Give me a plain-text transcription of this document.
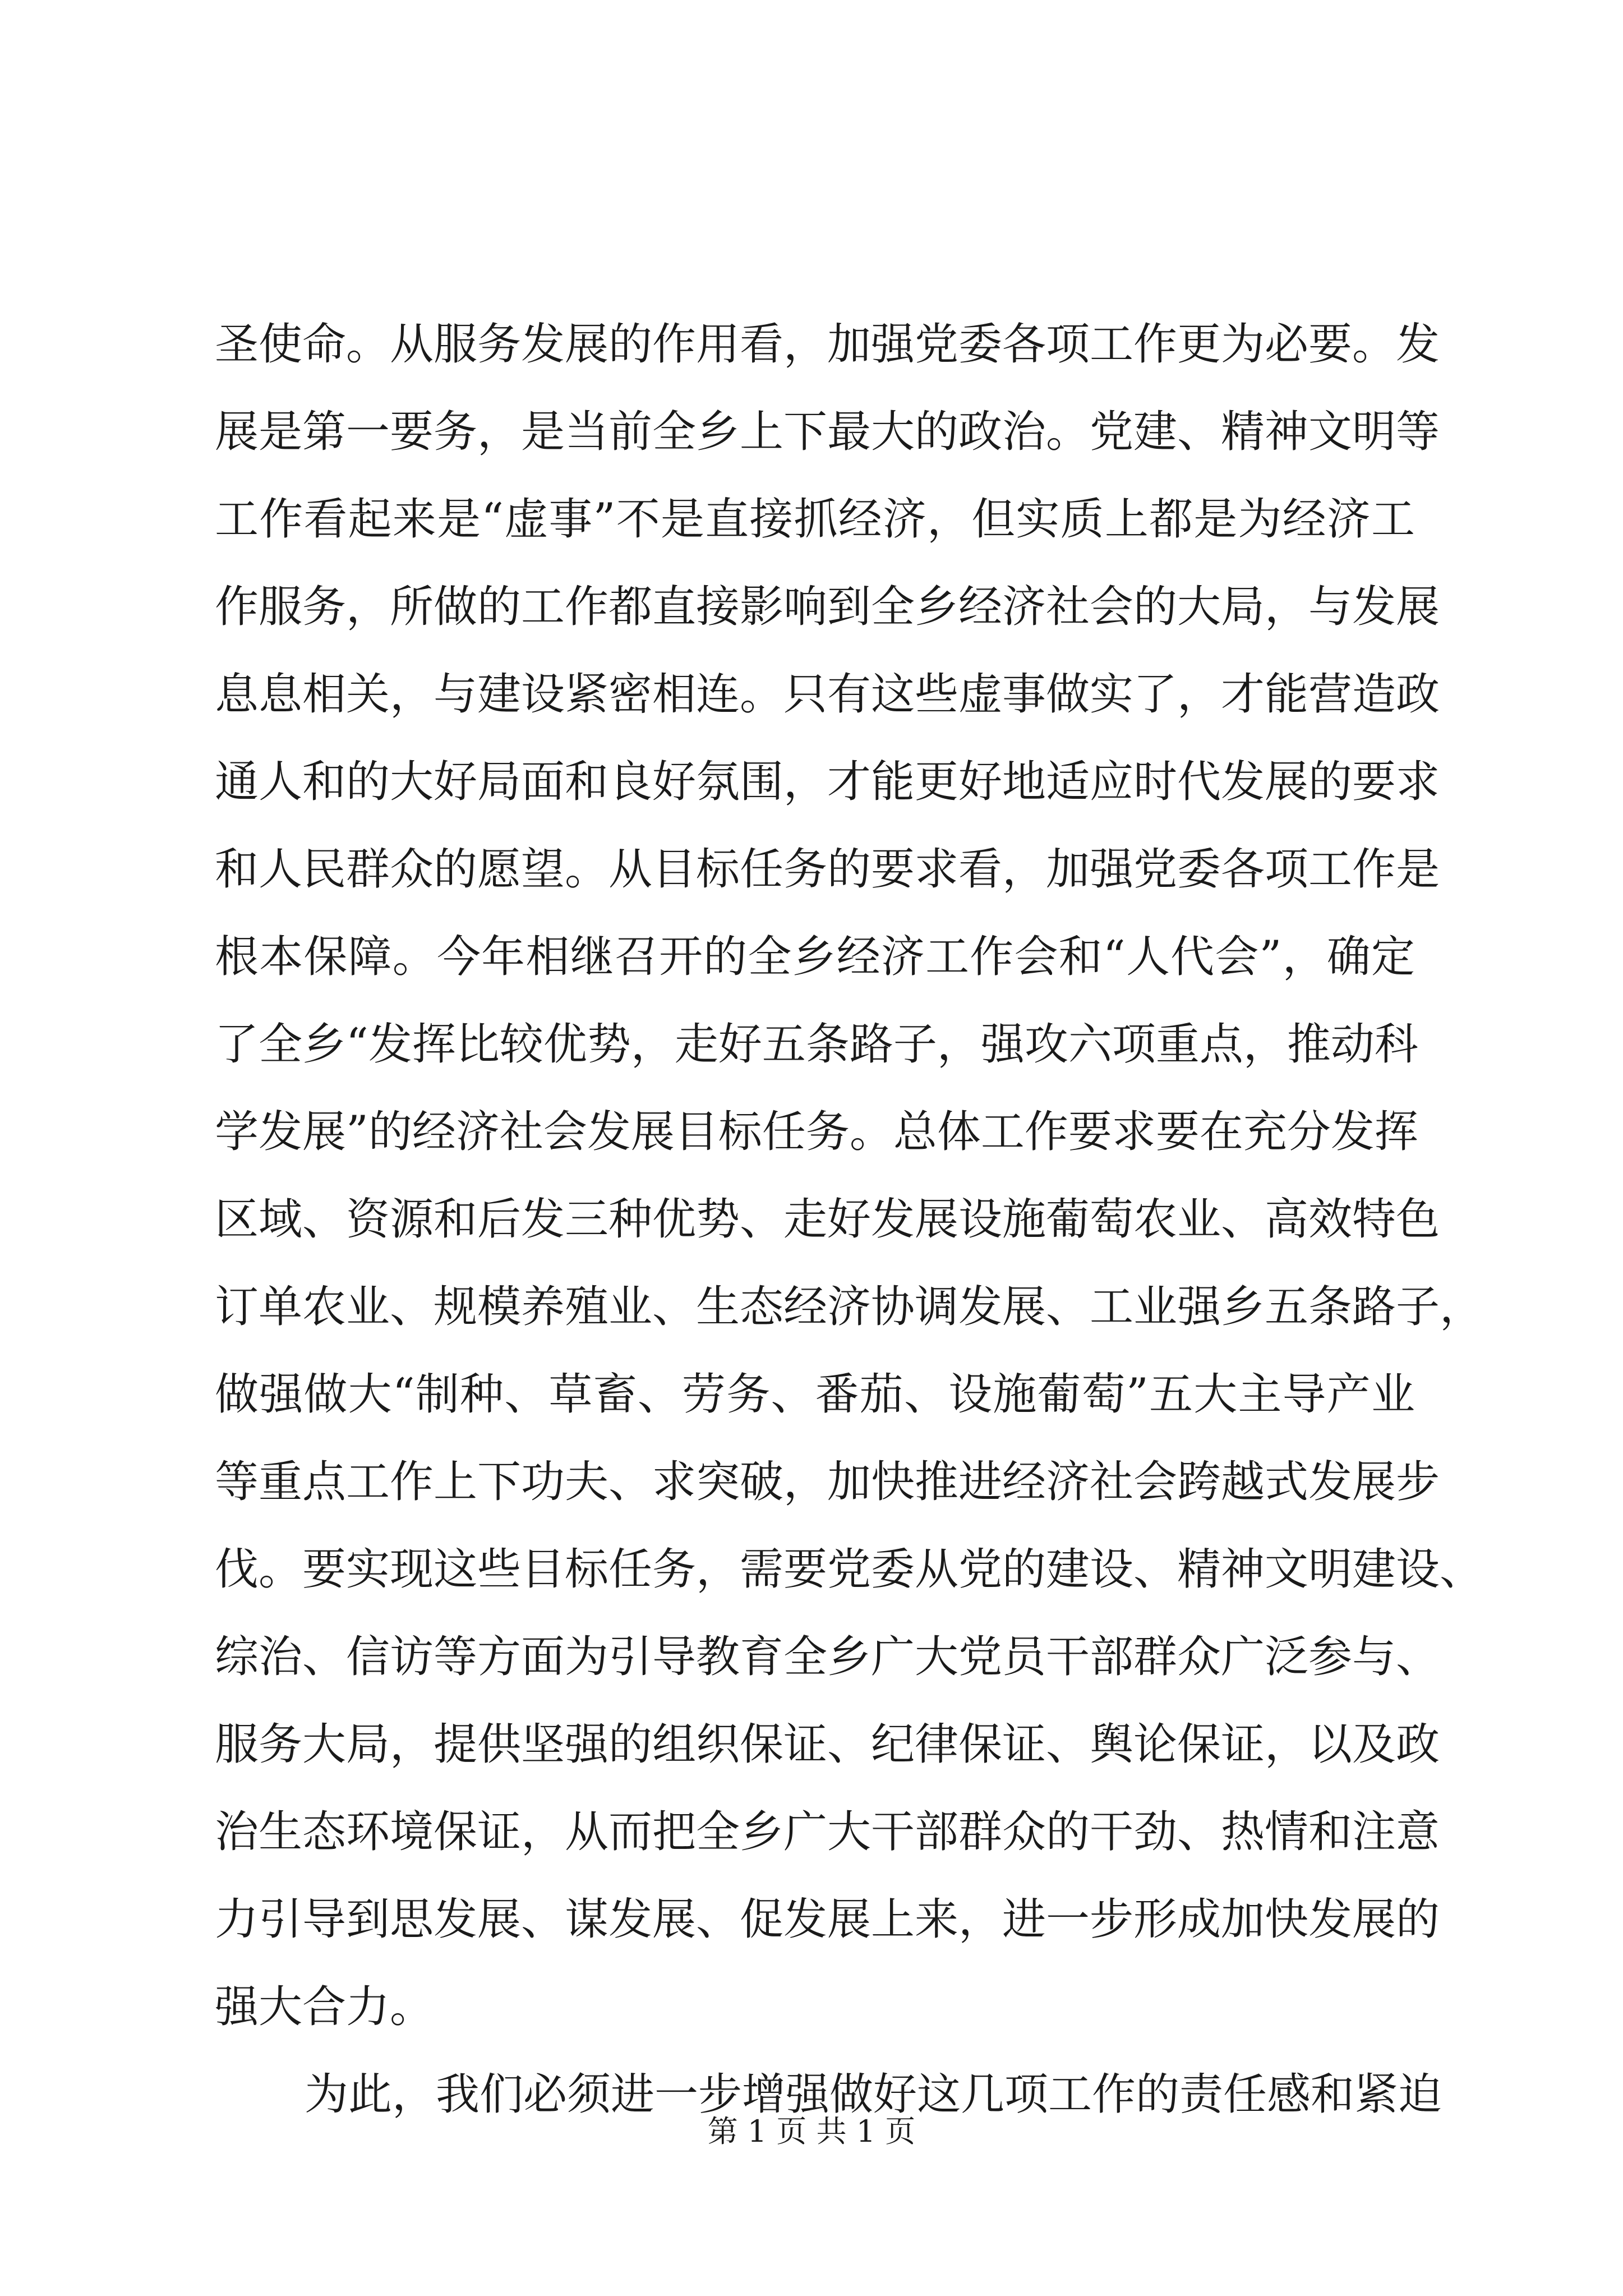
圣使命。从服务发展的作用看，加强党委各项工作更为必要。发
展是第一要务，是当前全乡上下最大的政治。党建、精神文明等
工作看起来是“虚事”不是直接抓经济，但实质上都是为经济工
作服务，所做的工作都直接影响到全乡经济社会的大局，与发展
息息相关，与建设紧密相连。只有这些虚事做实了，才能营造政
通人和的大好局面和良好氛围，才能更好地适应时代发展的要求
和人民群众的愿望。从目标任务的要求看，加强党委各项工作是
根本保障。今年相继召开的全乡经济工作会和“人代会”，确定
了全乡“发挥比较优势，走好五条路子，强攻六项重点，推动科
学发展”的经济社会发展目标任务。总体工作要求要在充分发挥
区域、资源和后发三种优势、走好发展设施葡萄农业、高效特色
订单农业、规模养殖业、生态经济协调发展、工业强乡五条路子，
做强做大“制种、草畜、劳务、番茄、设施葡萄”五大主导产业
等重点工作上下功夫、求突破，加快推进经济社会跨越式发展步
伐。要实现这些目标任务，需要党委从党的建设、精神文明建设、
综治、信访等方面为引导教育全乡广大党员干部群众广泛参与、
服务大局，提供坚强的组织保证、纪律保证、舆论保证，以及政
治生态环境保证，从而把全乡广大干部群众的干劲、热情和注意
力引导到思发展、谋发展、促发展上来，进一步形成加快发展的
强大合力。
为此，我们必须进一步增强做好这几项工作的责任感和紧迫
第 1 页 共 1 页
